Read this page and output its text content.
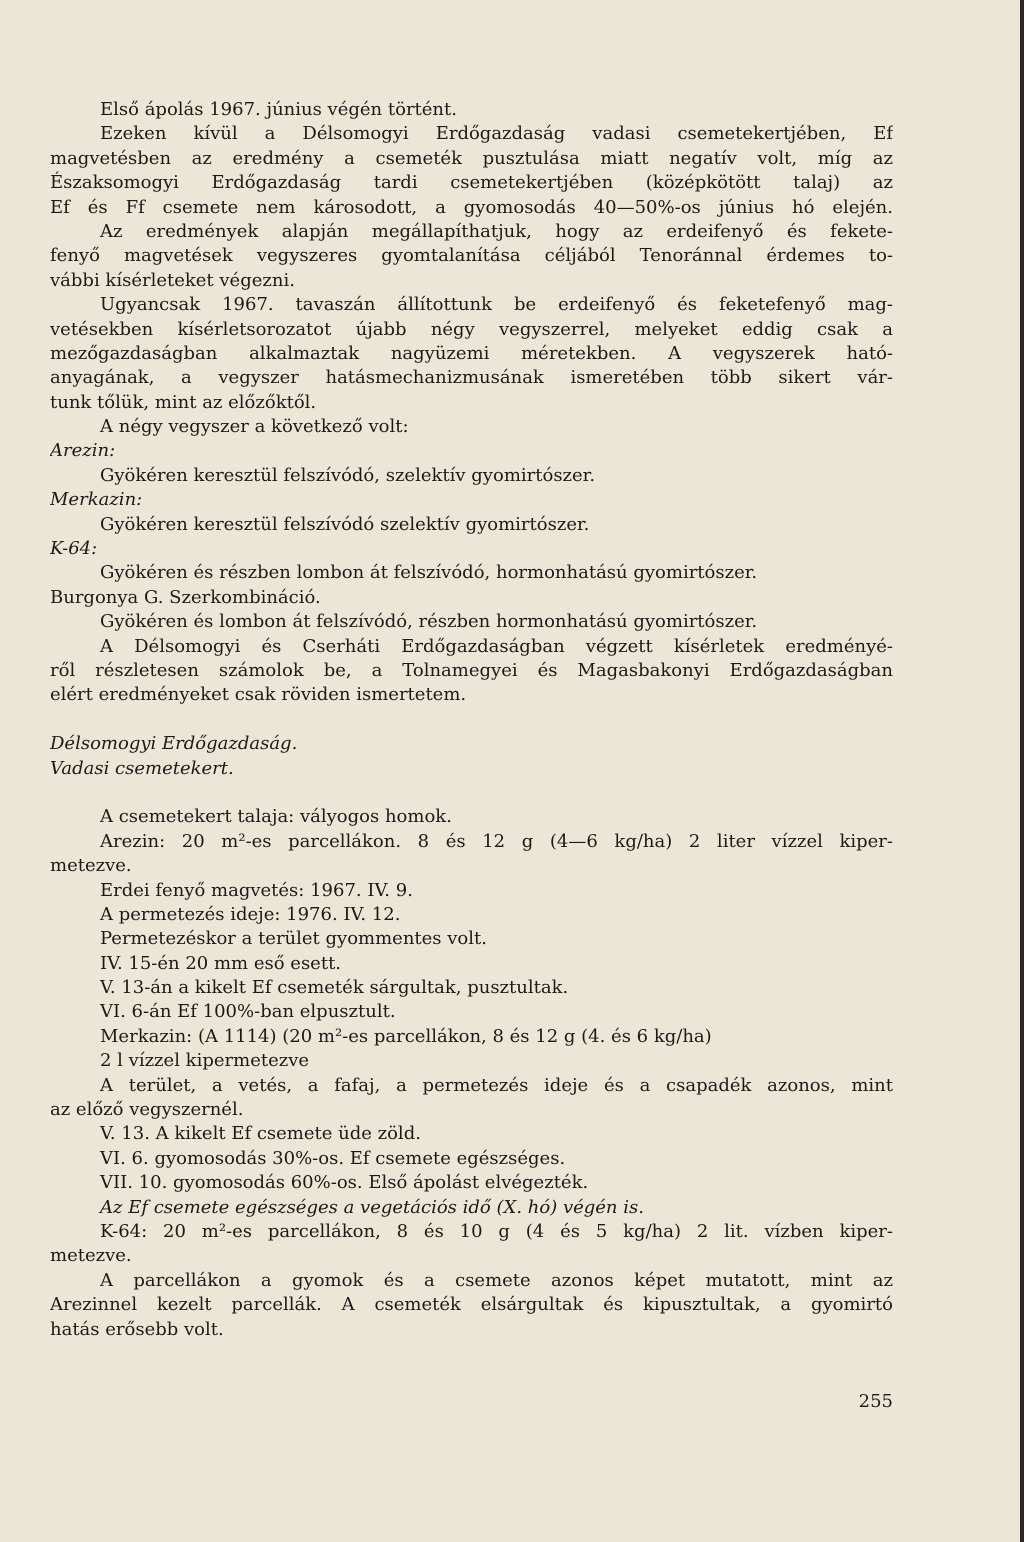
Első ápolás 1967. június végén történt.
Ezeken kívül a Délsomogyi Erdőgazdaság vadasi csemetekertjében, Ef
magvetésben az eredmény a csemeték pusztulása miatt negatív volt, míg az
Északsomogyi Erdőgazdaság tardi csemetekertjében (középkötött talaj) az
Ef és Ff csemete nem károsodott, a gyomosodás 40—50%-os június hó elején.
Az eredmények alapján megállapíthatjuk, hogy az erdeifenyő és fekete-
fenyő magvetések vegyszeres gyomtalanítása céljából Tenoránnal érdemes to-
vábbi kísérleteket végezni.
Ugyancsak 1967. tavaszán állítottunk be erdeifenyő és feketefenyő mag-
vetésekben kísérletsorozatot újabb négy vegyszerrel, melyeket eddig csak a
mezőgazdaságban alkalmaztak nagyüzemi méretekben. A vegyszerek ható-
anyagának, a vegyszer hatásmechanizmusának ismeretében több sikert vár-
tunk tőlük, mint az előzőktől.
A négy vegyszer a következő volt:
Arezin:
Gyökéren keresztül felszívódó, szelektív gyomirtószer.
Merkazin:
Gyökéren keresztül felszívódó szelektív gyomirtószer.
K-64:
Gyökéren és részben lombon át felszívódó, hormonhatású gyomirtószer.
Burgonya G. Szerkombináció.
Gyökéren és lombon át felszívódó, részben hormonhatású gyomirtószer.
A Délsomogyi és Cserháti Erdőgazdaságban végzett kísérletek eredményé-
ről részletesen számolok be, a Tolnamegyei és Magasbakonyi Erdőgazdaságban
elért eredményeket csak röviden ismertetem.
Délsomogyi Erdőgazdaság.
Vadasi csemetekert.
A csemetekert talaja: vályogos homok.
Arezin: 20 m²-es parcellákon. 8 és 12 g (4—6 kg/ha) 2 liter vízzel kiper-
metezve.
Erdei fenyő magvetés: 1967. IV. 9.
A permetezés ideje: 1976. IV. 12.
Permetezéskor a terület gyommentes volt.
IV. 15-én 20 mm eső esett.
V. 13-án a kikelt Ef csemeték sárgultak, pusztultak.
VI. 6-án Ef 100%-ban elpusztult.
Merkazin: (A 1114) (20 m²-es parcellákon, 8 és 12 g (4. és 6 kg/ha)
2 l vízzel kipermetezve
A terület, a vetés, a fafaj, a permetezés ideje és a csapadék azonos, mint
az előző vegyszernél.
V. 13. A kikelt Ef csemete üde zöld.
VI. 6. gyomosodás 30%-os. Ef csemete egészséges.
VII. 10. gyomosodás 60%-os. Első ápolást elvégezték.
Az Ef csemete egészséges a vegetációs idő (X. hó) végén is.
K-64: 20 m²-es parcellákon, 8 és 10 g (4 és 5 kg/ha) 2 lit. vízben kiper-
metezve.
A parcellákon a gyomok és a csemete azonos képet mutatott, mint az
Arezinnel kezelt parcellák. A csemeték elsárgultak és kipusztultak, a gyomirtó
hatás erősebb volt.
255
